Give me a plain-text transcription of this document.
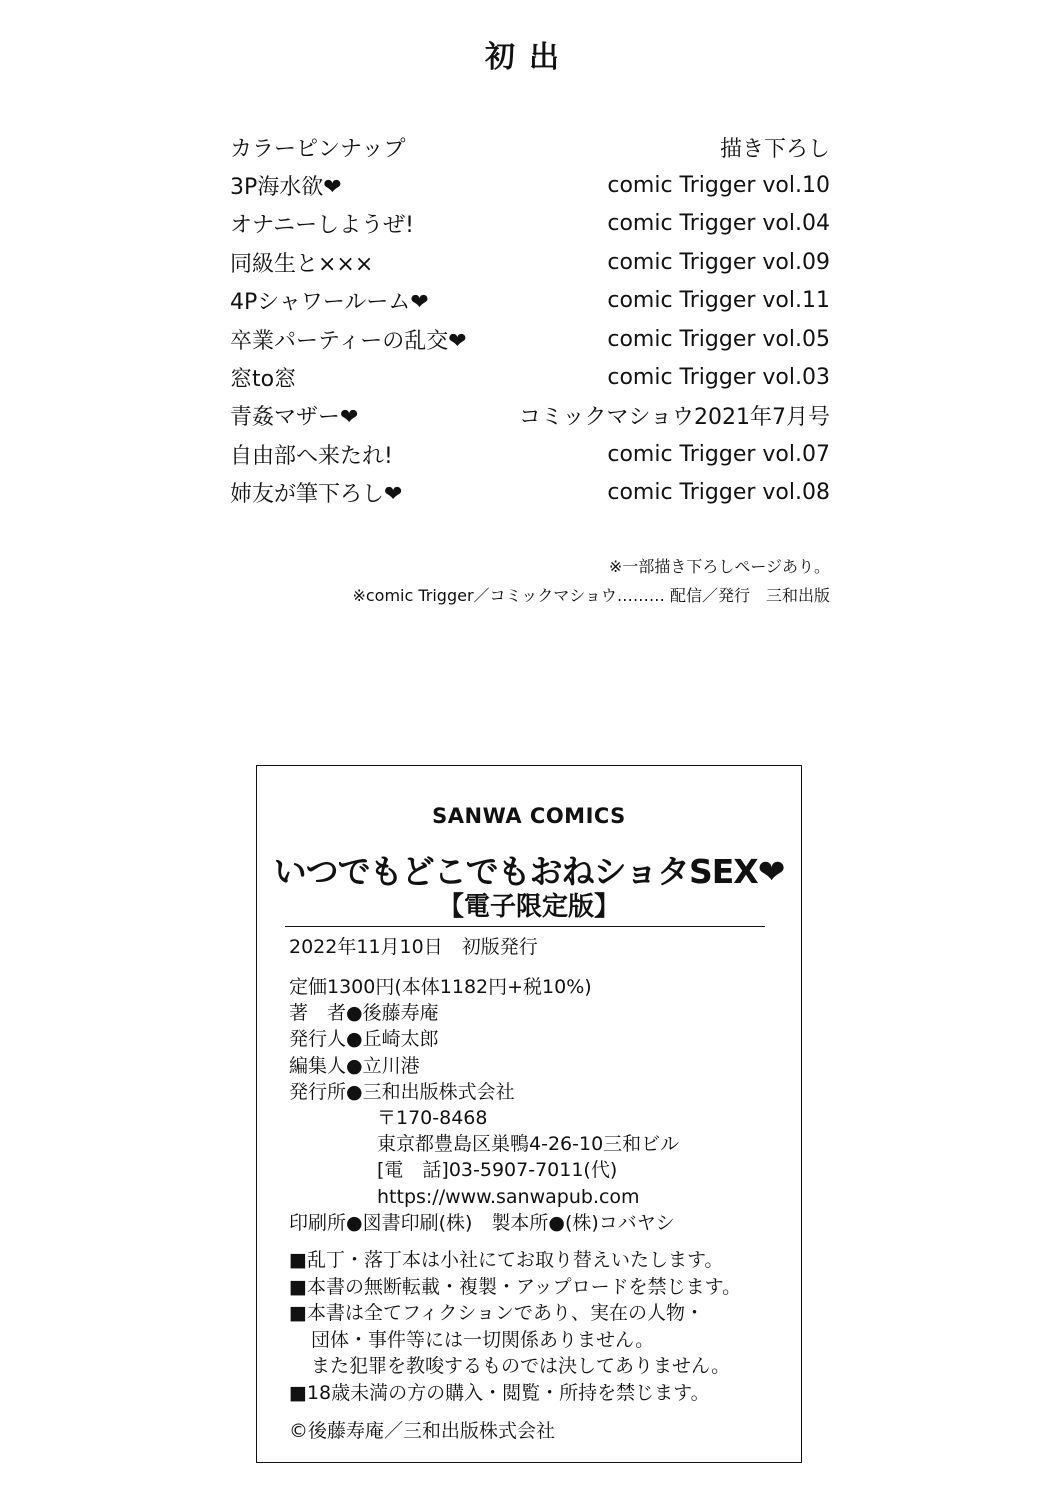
初出
カラーピンナップ	描き下ろし
3P海水欲❤	comic Trigger vol.10
オナニーしようぜ!	comic Trigger vol.04
同級生と×××	comic Trigger vol.09
4Pシャワールーム❤	comic Trigger vol.11
卒業パーティーの乱交❤	comic Trigger vol.05
窓to窓	comic Trigger vol.03
青姦マザー❤	コミックマショウ2021年7月号
自由部へ来たれ!	comic Trigger vol.07
姉友が筆下ろし❤	comic Trigger vol.08
※一部描き下ろしページあり。
※comic Trigger／コミックマショウ……… 配信／発行　三和出版
SANWA COMICS
いつでもどこでもおねショタSEX❤
【電子限定版】
2022年11月10日　初版発行
定価1300円(本体1182円+税10%)
著　者●後藤寿庵
発行人●丘崎太郎
編集人●立川港
発行所●三和出版株式会社
〒170-8468
東京都豊島区巣鴨4-26-10三和ビル
[電　話]03-5907-7011(代)
https://www.sanwapub.com
印刷所●図書印刷(株)　製本所●(株)コバヤシ
■乱丁・落丁本は小社にてお取り替えいたします。
■本書の無断転載・複製・アップロードを禁じます。
■本書は全てフィクションであり、実在の人物・
団体・事件等には一切関係ありません。
また犯罪を教唆するものでは決してありません。
■18歳未満の方の購入・閲覧・所持を禁じます。
©後藤寿庵／三和出版株式会社
